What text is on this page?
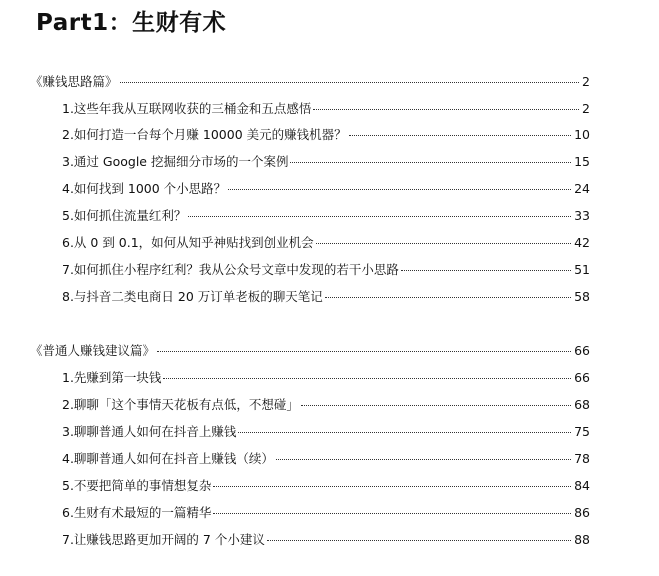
Part1：生财有术
《赚钱思路篇》	2
1.这些年我从互联网收获的三桶金和五点感悟	2
2.如何打造一台每个月赚 10000 美元的赚钱机器？	10
3.通过 Google 挖掘细分市场的一个案例	15
4.如何找到 1000 个小思路？	24
5.如何抓住流量红利？	33
6.从 0 到 0.1，如何从知乎神贴找到创业机会	42
7.如何抓住小程序红利？我从公众号文章中发现的若干小思路	51
8.与抖音二类电商日 20 万订单老板的聊天笔记	58
《普通人赚钱建议篇》	66
1.先赚到第一块钱	66
2.聊聊「这个事情天花板有点低，不想碰」	68
3.聊聊普通人如何在抖音上赚钱	75
4.聊聊普通人如何在抖音上赚钱（续）	78
5.不要把简单的事情想复杂	84
6.生财有术最短的一篇精华	86
7.让赚钱思路更加开阔的 7 个小建议	88
